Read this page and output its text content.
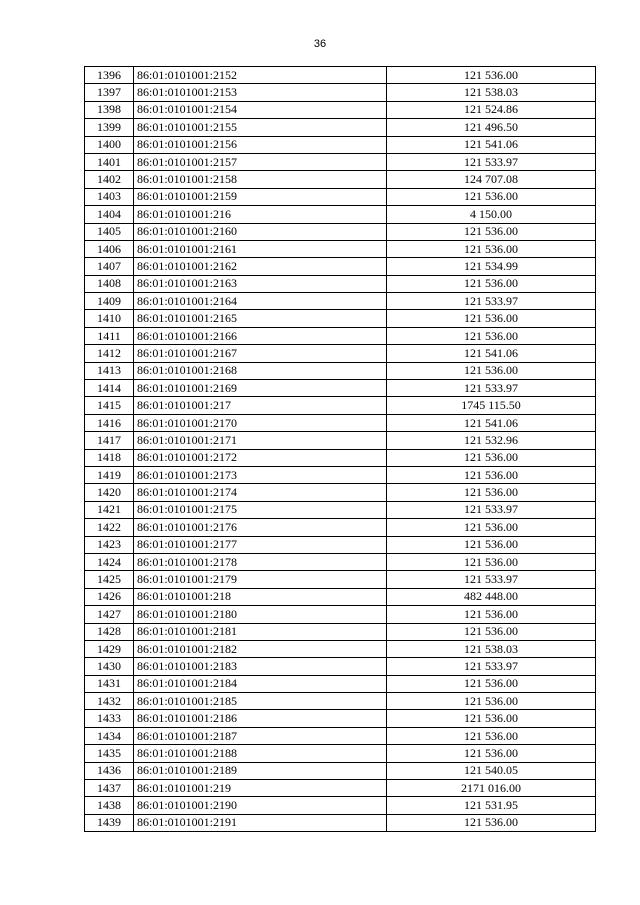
36
1396	86:01:0101001:2152	121 536.00
1397	86:01:0101001:2153	121 538.03
1398	86:01:0101001:2154	121 524.86
1399	86:01:0101001:2155	121 496.50
1400	86:01:0101001:2156	121 541.06
1401	86:01:0101001:2157	121 533.97
1402	86:01:0101001:2158	124 707.08
1403	86:01:0101001:2159	121 536.00
1404	86:01:0101001:216	4 150.00
1405	86:01:0101001:2160	121 536.00
1406	86:01:0101001:2161	121 536.00
1407	86:01:0101001:2162	121 534.99
1408	86:01:0101001:2163	121 536.00
1409	86:01:0101001:2164	121 533.97
1410	86:01:0101001:2165	121 536.00
1411	86:01:0101001:2166	121 536.00
1412	86:01:0101001:2167	121 541.06
1413	86:01:0101001:2168	121 536.00
1414	86:01:0101001:2169	121 533.97
1415	86:01:0101001:217	1745 115.50
1416	86:01:0101001:2170	121 541.06
1417	86:01:0101001:2171	121 532.96
1418	86:01:0101001:2172	121 536.00
1419	86:01:0101001:2173	121 536.00
1420	86:01:0101001:2174	121 536.00
1421	86:01:0101001:2175	121 533.97
1422	86:01:0101001:2176	121 536.00
1423	86:01:0101001:2177	121 536.00
1424	86:01:0101001:2178	121 536.00
1425	86:01:0101001:2179	121 533.97
1426	86:01:0101001:218	482 448.00
1427	86:01:0101001:2180	121 536.00
1428	86:01:0101001:2181	121 536.00
1429	86:01:0101001:2182	121 538.03
1430	86:01:0101001:2183	121 533.97
1431	86:01:0101001:2184	121 536.00
1432	86:01:0101001:2185	121 536.00
1433	86:01:0101001:2186	121 536.00
1434	86:01:0101001:2187	121 536.00
1435	86:01:0101001:2188	121 536.00
1436	86:01:0101001:2189	121 540.05
1437	86:01:0101001:219	2171 016.00
1438	86:01:0101001:2190	121 531.95
1439	86:01:0101001:2191	121 536.00
